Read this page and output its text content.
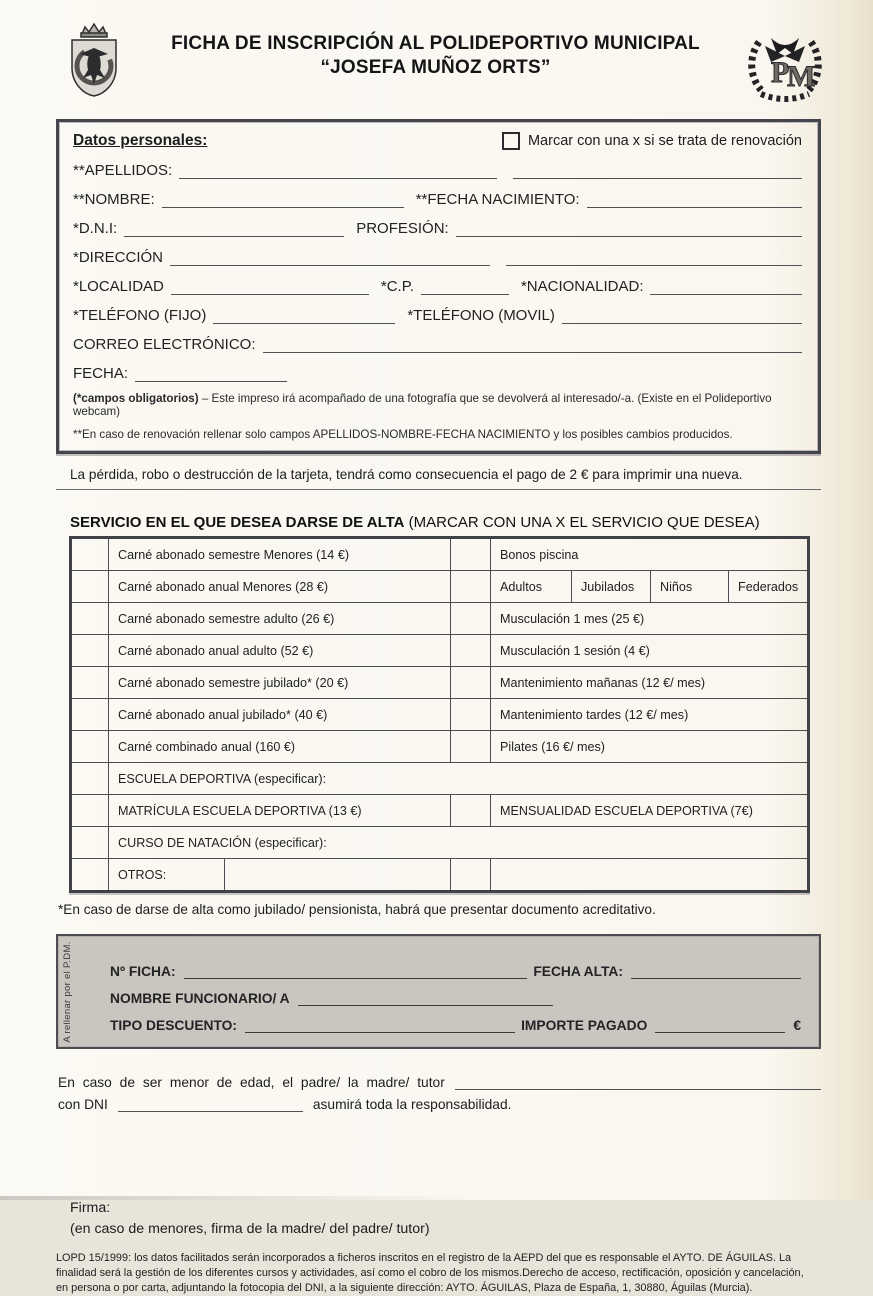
FICHA DE INSCRIPCIÓN AL POLIDEPORTIVO MUNICIPAL
“JOSEFA MUÑOZ ORTS”	P
M
Datos personales:	Marcar con una x si se trata de renovación
**APELLIDOS:
**NOMBRE:	**FECHA NACIMIENTO:
*D.N.I:	PROFESIÓN:
*DIRECCIÓN
*LOCALIDAD	*C.P.	*NACIONALIDAD:
*TELÉFONO (FIJO)	*TELÉFONO (MOVIL)
CORREO ELECTRÓNICO:
FECHA:
(*campos obligatorios) – Este impreso irá acompañado de una fotografía que se devolverá al interesado/-a. (Existe en el Polideportivo webcam)
**En caso de renovación rellenar solo campos APELLIDOS-NOMBRE-FECHA NACIMIENTO y los posibles cambios producidos.
La pérdida, robo o destrucción de la tarjeta, tendrá como consecuencia el pago de 2 € para imprimir una nueva.
SERVICIO EN EL QUE DESEA DARSE DE ALTA (MARCAR CON UNA X EL SERVICIO QUE DESEA)
	Carné abonado semestre Menores (14 €)			Bonos piscina			
	Carné abonado anual Menores (28 €)			Adultos	Jubilados	Niños	Federados
	Carné abonado semestre adulto (26 €)			Musculación 1 mes (25 €)			
	Carné abonado anual adulto (52 €)			Musculación 1 sesión (4 €)			
	Carné abonado semestre jubilado* (20 €)			Mantenimiento mañanas (12 €/ mes)			
	Carné abonado anual jubilado* (40 €)			Mantenimiento tardes (12 €/ mes)			
	Carné combinado anual (160 €)			Pilates (16 €/ mes)			
	ESCUELA DEPORTIVA (especificar):						
	MATRÍCULA ESCUELA DEPORTIVA (13 €)			MENSUALIDAD ESCUELA DEPORTIVA (7€)			
	CURSO DE NATACIÓN (especificar):						
	OTROS:						
*En caso de darse de alta como jubilado/ pensionista, habrá que presentar documento acreditativo.
A rellenar por el P.DM.	Nº FICHA:	FECHA ALTA:
NOMBRE FUNCIONARIO/ A
TIPO DESCUENTO:	IMPORTE PAGADO	€
En caso de ser menor de edad, el padre/ la madre/ tutor
con DNI	asumirá toda la responsabilidad.
Firma:
(en caso de menores, firma de la madre/ del padre/ tutor)
LOPD 15/1999: los datos facilitados serán incorporados a ficheros inscritos en el registro de la AEPD del que es responsable el AYTO. DE ÁGUILAS. La finalidad será la gestión de los diferentes cursos y actividades, así como el cobro de los mismos.Derecho de acceso, rectificación, oposición y cancelación, en persona o por carta, adjuntando la fotocopia del DNI, a la siguiente dirección: AYTO. ÁGUILAS, Plaza de España, 1, 30880, Águilas (Murcia).
